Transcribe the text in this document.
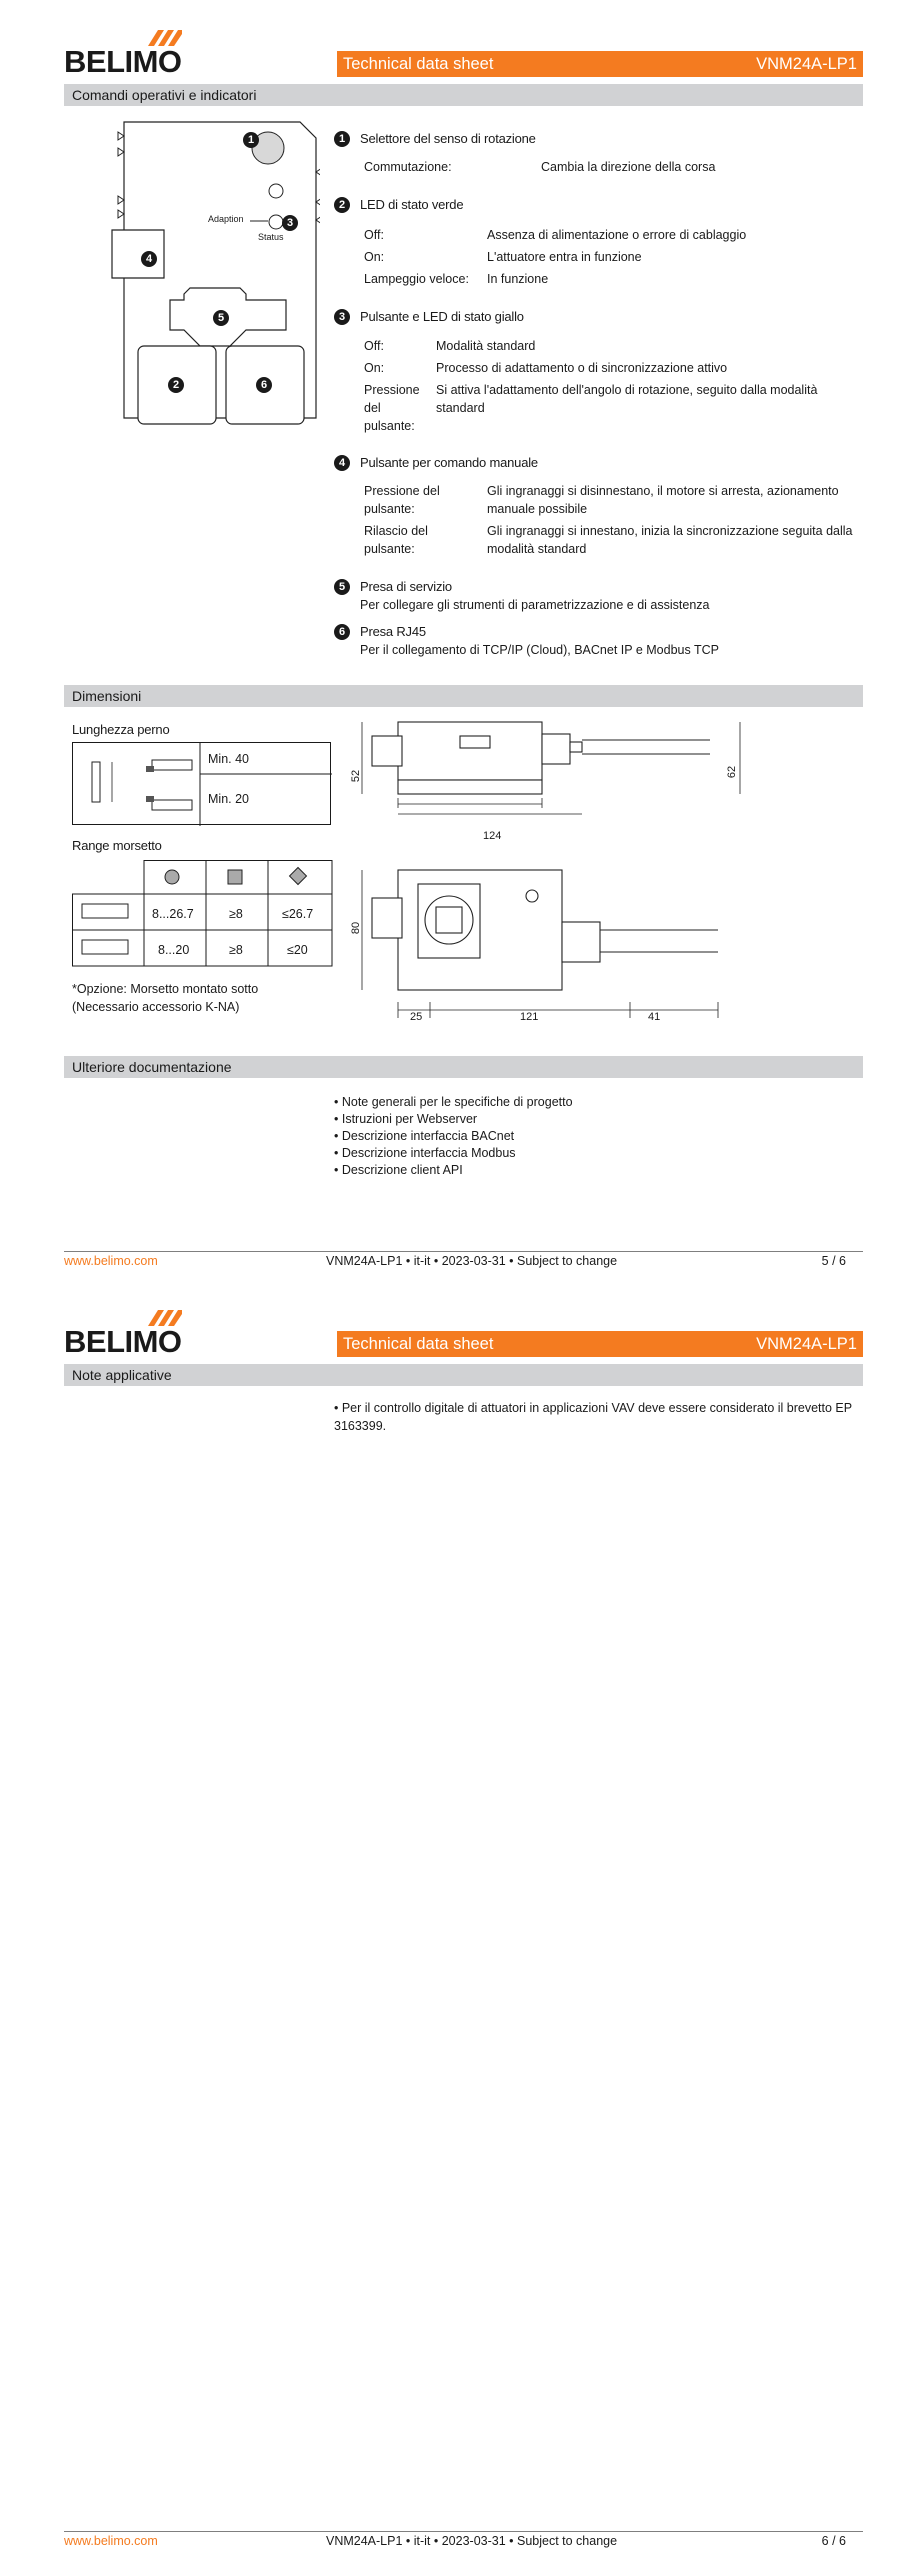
BELIMO	Technical data sheet	VNM24A-LP1
Comandi operativi e indicatori
1
3
4
5
2	6
Adaption
Status
1	Selettore del senso di rotazione
Commutazione:	Cambia la direzione della corsa
2	LED di stato verde
Off:	Assenza di alimentazione o errore di cablaggio
On:	L'attuatore entra in funzione
Lampeggio veloce: In funzione
3	Pulsante e LED di stato giallo
Off:	Modalità standard
On:	Processo di adattamento o di sincronizzazione attivo
Pressione del pulsante:
Si attiva l'adattamento dell'angolo di rotazione, seguito dalla modalità standard
4	Pulsante per comando manuale
Pressione del pulsante:
Gli ingranaggi si disinnestano, il motore si arresta, azionamento manuale possibile
Rilascio del pulsante:
Gli ingranaggi si innestano, inizia la sincronizzazione seguita dalla modalità standard
5	Presa di servizio
Per collegare gli strumenti di parametrizzazione e di assistenza
6	Presa RJ45
Per il collegamento di TCP/IP (Cloud), BACnet IP e Modbus TCP
Dimensioni
Lunghezza perno
Min. 40
Min. 20
Range morsetto
8...26.7	≥8	≤26.7
8...20	≥8	≤20
*Opzione: Morsetto montato sotto
(Necessario accessorio K-NA)
52	62
124
80
25	121	41
Ulteriore documentazione
• Note generali per le specifiche di progetto
• Istruzioni per Webserver
• Descrizione interfaccia BACnet
• Descrizione interfaccia Modbus
• Descrizione client API
www.belimo.com	VNM24A-LP1 • it-it • 2023-03-31 • Subject to change	5 / 6
BELIMO	Technical data sheet	VNM24A-LP1
Note applicative
• Per il controllo digitale di attuatori in applicazioni VAV deve essere considerato il brevetto EP
3163399.
www.belimo.com	VNM24A-LP1 • it-it • 2023-03-31 • Subject to change	6 / 6
